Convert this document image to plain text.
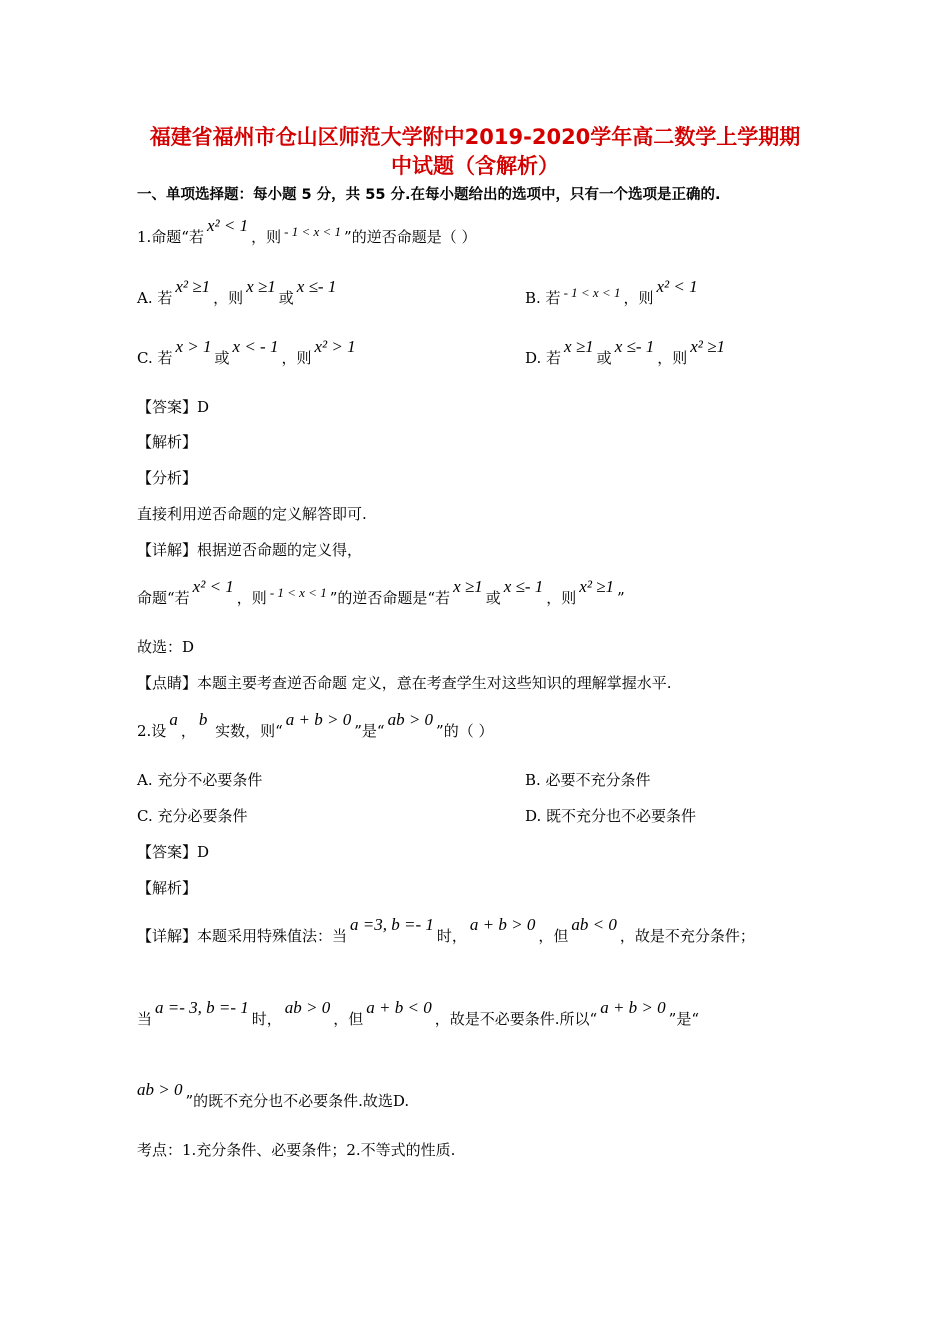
福建省福州市仓山区师范大学附中2019-2020学年高二数学上学期期
中试题（含解析）
一、单项选择题：每小题 5 分，共 55 分.在每小题给出的选项中，只有一个选项是正确的.
1.命题“若x² < 1，则 - 1 < x < 1 ”的逆否命题是（ ）
A. 若x² ≥1，则x ≥1或x ≤- 1
B. 若 - 1 < x < 1 ，则x² < 1
C. 若x > 1或x < - 1，则x² > 1
D. 若x ≥1或x ≤- 1，则x² ≥1
【答案】D
【解析】
【分析】
直接利用逆否命题的定义解答即可.
【详解】根据逆否命题的定义得，
命题“若x² < 1，则 - 1 < x < 1 ”的逆否命题是“若x ≥1或x ≤- 1，则x² ≥1”
故选：D
【点睛】本题主要考查逆否命题 定义，意在考查学生对这些知识的理解掌握水平.
2.设a，b 实数，则“a + b > 0”是“ab > 0”的（ ）
A. 充分不必要条件	B. 必要不充分条件
C. 充分必要条件	D. 既不充分也不必要条件
【答案】D
【解析】
【详解】本题采用特殊值法：当a =3, b =- 1时，a + b > 0，但ab < 0，故是不充分条件；
当a =- 3, b =- 1时，ab > 0，但a + b < 0，故是不必要条件.所以“a + b > 0”是“
ab > 0”的既不充分也不必要条件.故选D.
考点：1.充分条件、必要条件；2.不等式的性质.
